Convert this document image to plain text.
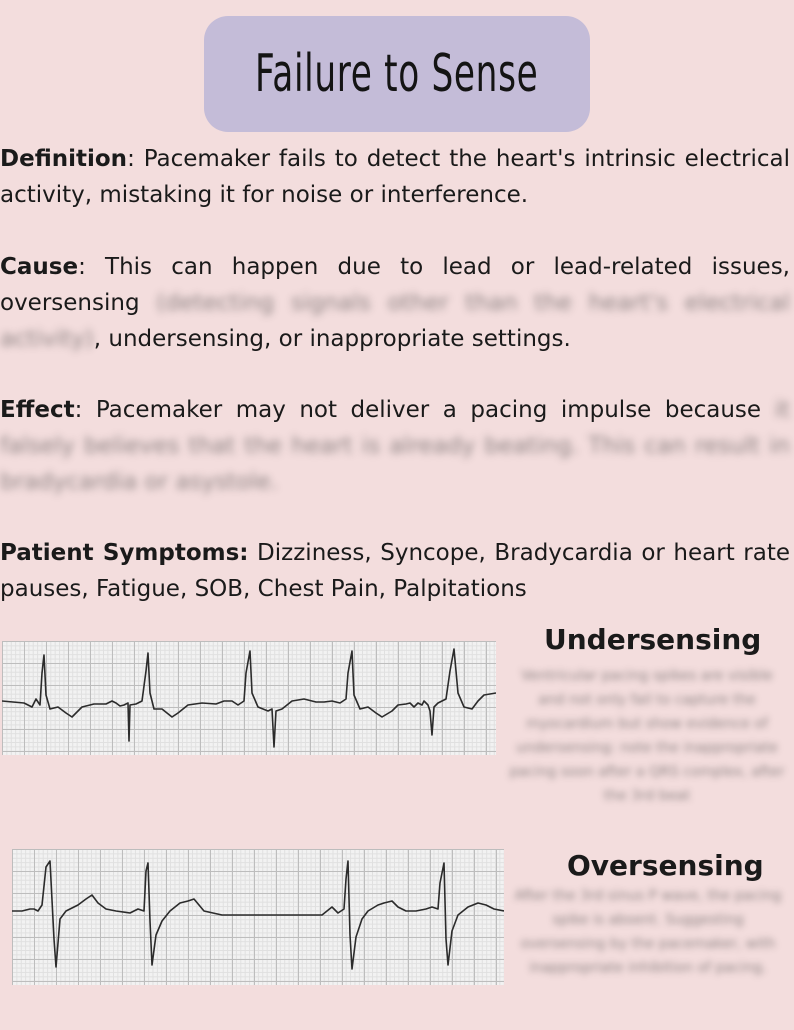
Failure to Sense
Definition: Pacemaker fails to detect the heart's intrinsic electrical activity, mistaking it for noise or interference.
Cause: This can happen due to lead or lead-related issues, oversensing (detecting signals other than the heart's electrical activity), undersensing, or inappropriate settings.
Effect: Pacemaker may not deliver a pacing impulse because it falsely believes that the heart is already beating. This can result in bradycardia or asystole.
Patient Symptoms: Dizziness, Syncope, Bradycardia or heart rate pauses, Fatigue, SOB, Chest Pain, Palpitations
Undersensing
Ventricular pacing spikes are visible and not only fail to capture the myocardium but show evidence of undersensing: note the inappropriate pacing soon after a QRS complex, after the 3rd beat
Oversensing
After the 3rd sinus P wave, the pacing spike is absent. Suggesting oversensing by the pacemaker, with inappropriate inhibition of pacing.
